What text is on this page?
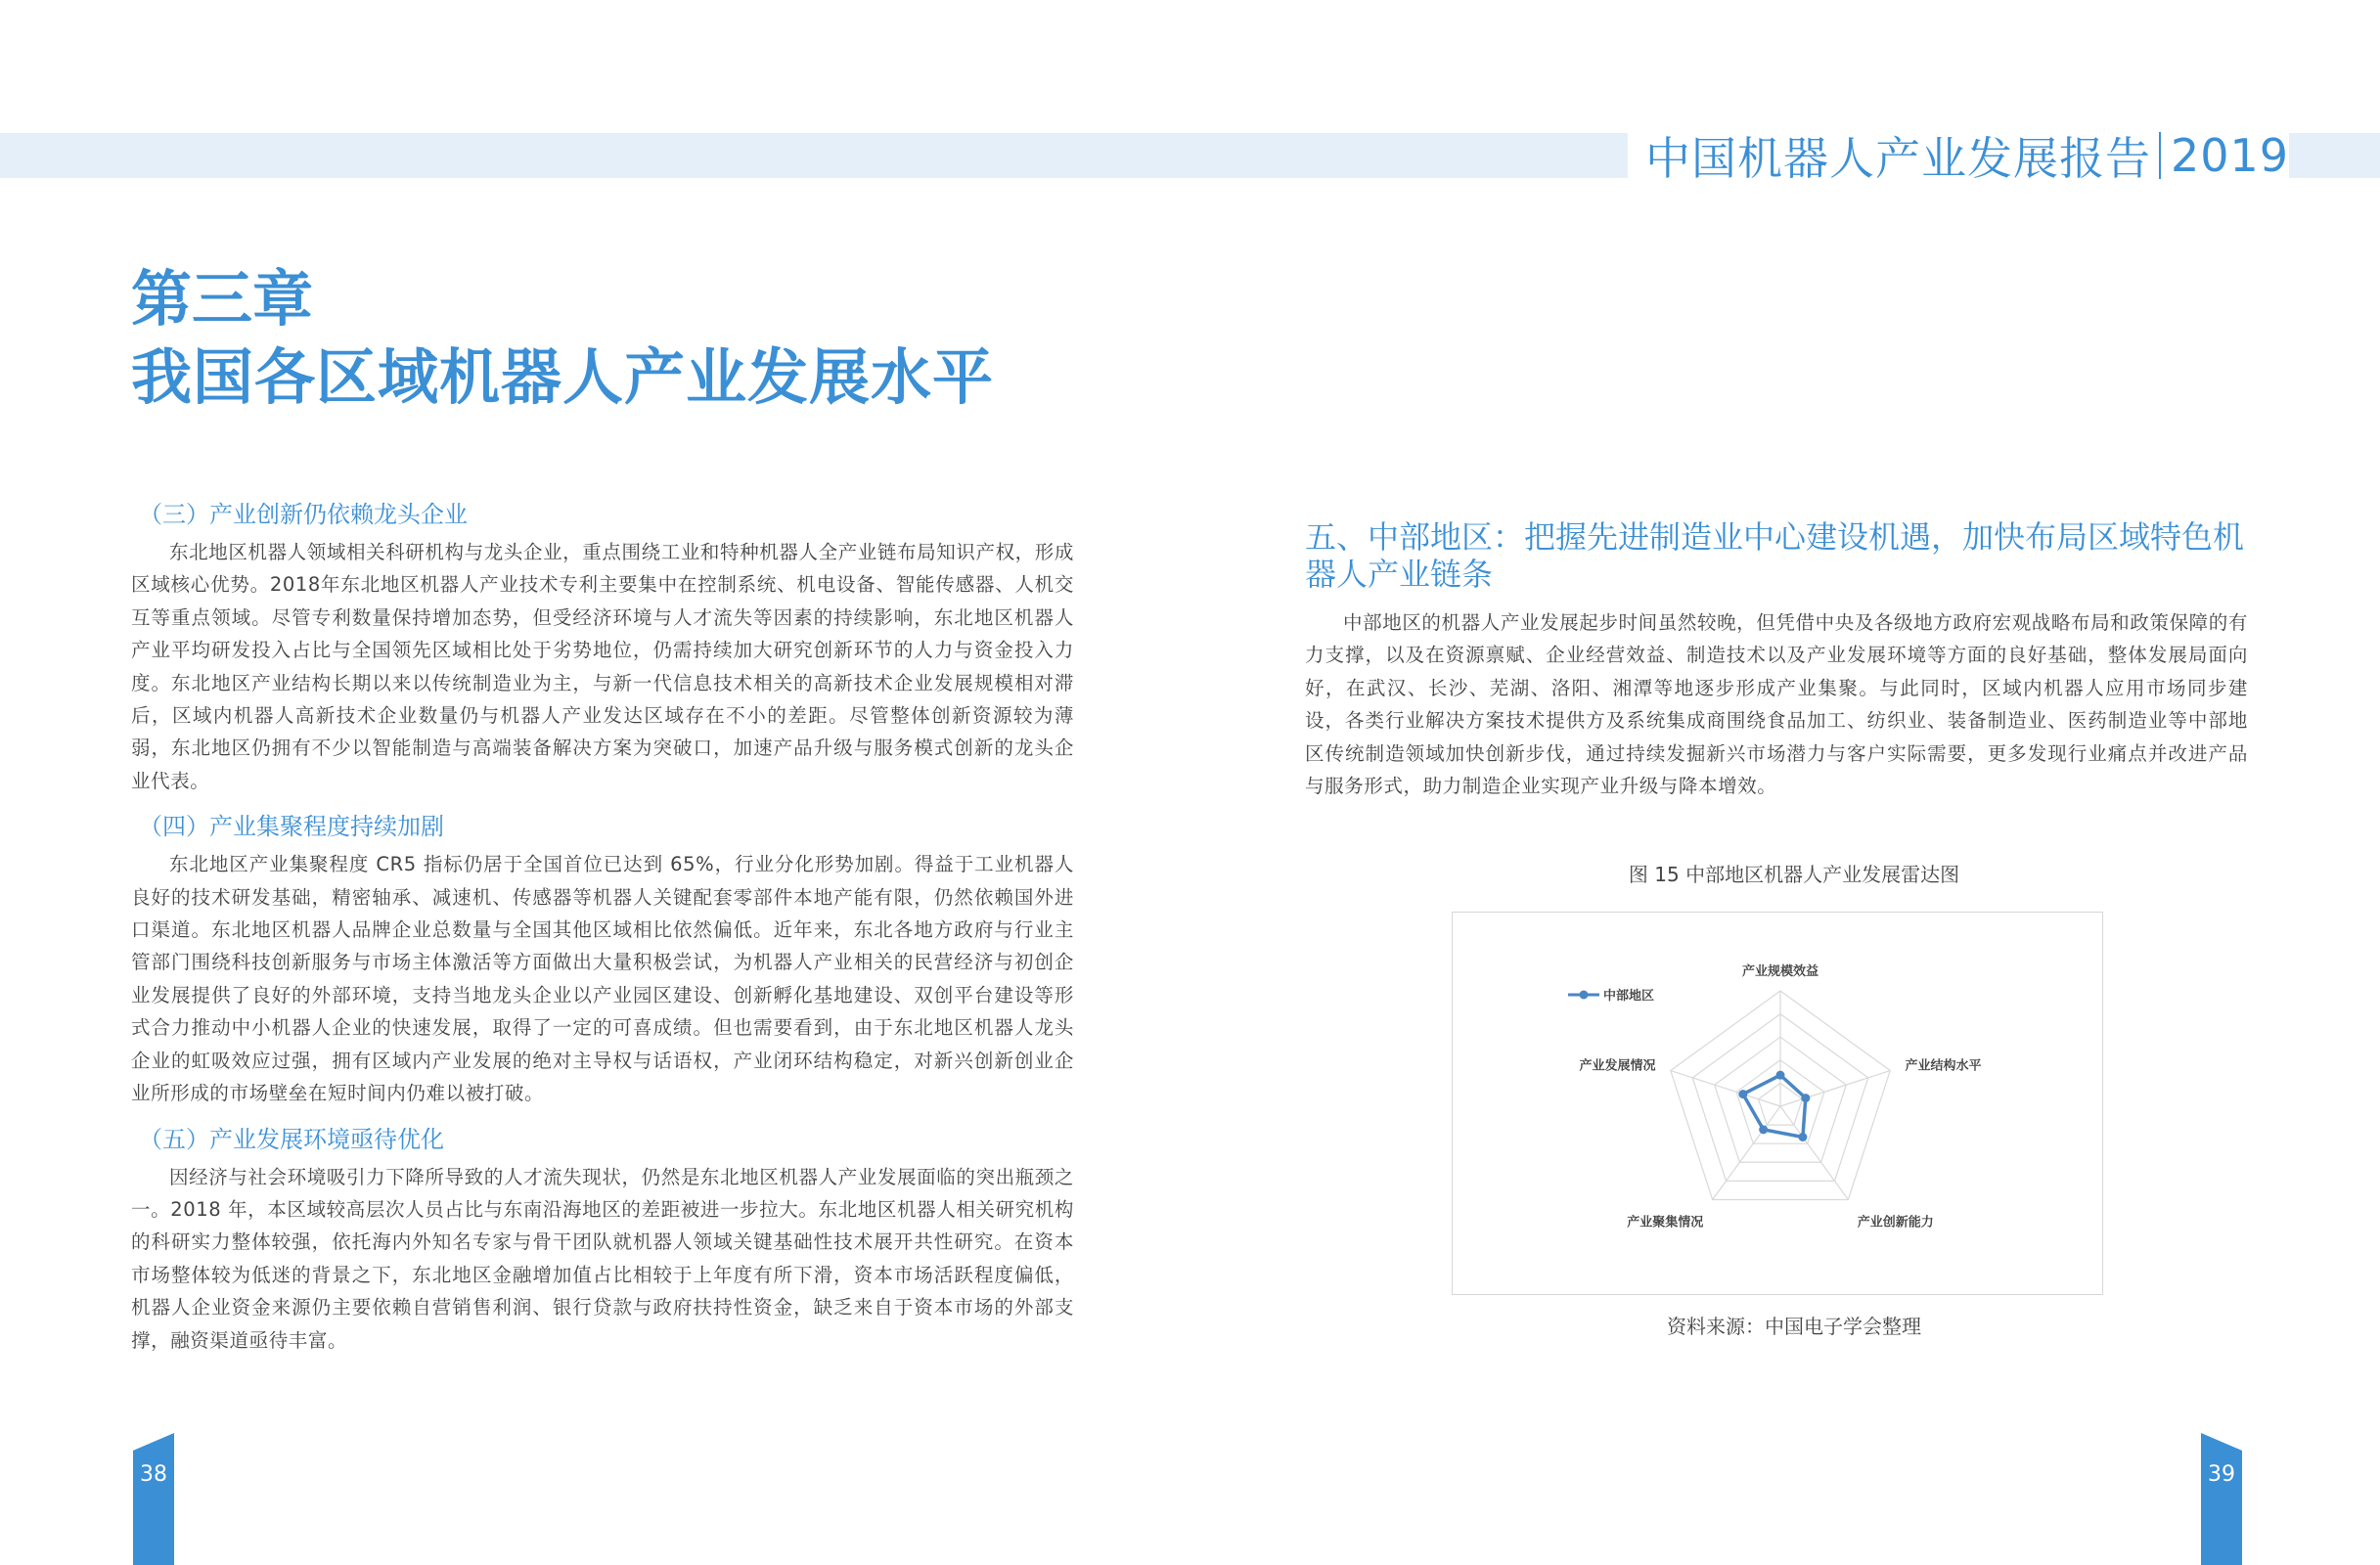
中国机器人产业发展报告 2019
第三章
我国各区域机器人产业发展水平
（三）产业创新仍依赖龙头企业

东北地区机器人领域相关科研机构与龙头企业，重点围绕工业和特种机器人全产业链布局知识产权，形成区域核心优势。2018年东北地区机器人产业技术专利主要集中在控制系统、机电设备、智能传感器、人机交互等重点领域。尽管专利数量保持增加态势，但受经济环境与人才流失等因素的持续影响，东北地区机器人产业平均研发投入占比与全国领先区域相比处于劣势地位，仍需持续加大研究创新环节的人力与资金投入力度。东北地区产业结构长期以来以传统制造业为主，与新一代信息技术相关的高新技术企业发展规模相对滞后，区域内机器人高新技术企业数量仍与机器人产业发达区域存在不小的差距。尽管整体创新资源较为薄弱，东北地区仍拥有不少以智能制造与高端装备解决方案为突破口，加速产品升级与服务模式创新的龙头企业代表。

（四）产业集聚程度持续加剧

东北地区产业集聚程度 CR5 指标仍居于全国首位已达到 65%，行业分化形势加剧。得益于工业机器人良好的技术研发基础，精密轴承、减速机、传感器等机器人关键配套零部件本地产能有限，仍然依赖国外进口渠道。东北地区机器人品牌企业总数量与全国其他区域相比依然偏低。近年来，东北各地方政府与行业主管部门围绕科技创新服务与市场主体激活等方面做出大量积极尝试，为机器人产业相关的民营经济与初创企业发展提供了良好的外部环境，支持当地龙头企业以产业园区建设、创新孵化基地建设、双创平台建设等形式合力推动中小机器人企业的快速发展，取得了一定的可喜成绩。但也需要看到，由于东北地区机器人龙头企业的虹吸效应过强，拥有区域内产业发展的绝对主导权与话语权，产业闭环结构稳定，对新兴创新创业企业所形成的市场壁垒在短时间内仍难以被打破。

（五）产业发展环境亟待优化

因经济与社会环境吸引力下降所导致的人才流失现状，仍然是东北地区机器人产业发展面临的突出瓶颈之一。2018 年，本区域较高层次人员占比与东南沿海地区的差距被进一步拉大。东北地区机器人相关研究机构的科研实力整体较强，依托海内外知名专家与骨干团队就机器人领域关键基础性技术展开共性研究。在资本市场整体较为低迷的背景之下，东北地区金融增加值占比相较于上年度有所下滑，资本市场活跃程度偏低，机器人企业资金来源仍主要依赖自营销售利润、银行贷款与政府扶持性资金，缺乏来自于资本市场的外部支撑，融资渠道亟待丰富。

五、中部地区：把握先进制造业中心建设机遇，加快布局区域特色机器人产业链条

中部地区的机器人产业发展起步时间虽然较晚，但凭借中央及各级地方政府宏观战略布局和政策保障的有力支撑，以及在资源禀赋、企业经营效益、制造技术以及产业发展环境等方面的良好基础，整体发展局面向好，在武汉、长沙、芜湖、洛阳、湘潭等地逐步形成产业集聚。与此同时，区域内机器人应用市场同步建设，各类行业解决方案技术提供方及系统集成商围绕食品加工、纺织业、装备制造业、医药制造业等中部地区传统制造领域加快创新步伐，通过持续发掘新兴市场潜力与客户实际需要，更多发现行业痛点并改进产品与服务形式，助力制造企业实现产业升级与降本增效。

图 15 中部地区机器人产业发展雷达图
产业规模效益
产业结构水平
产业创新能力
产业聚集情况
产业发展情况
中部地区
资料来源：中国电子学会整理
38	39
